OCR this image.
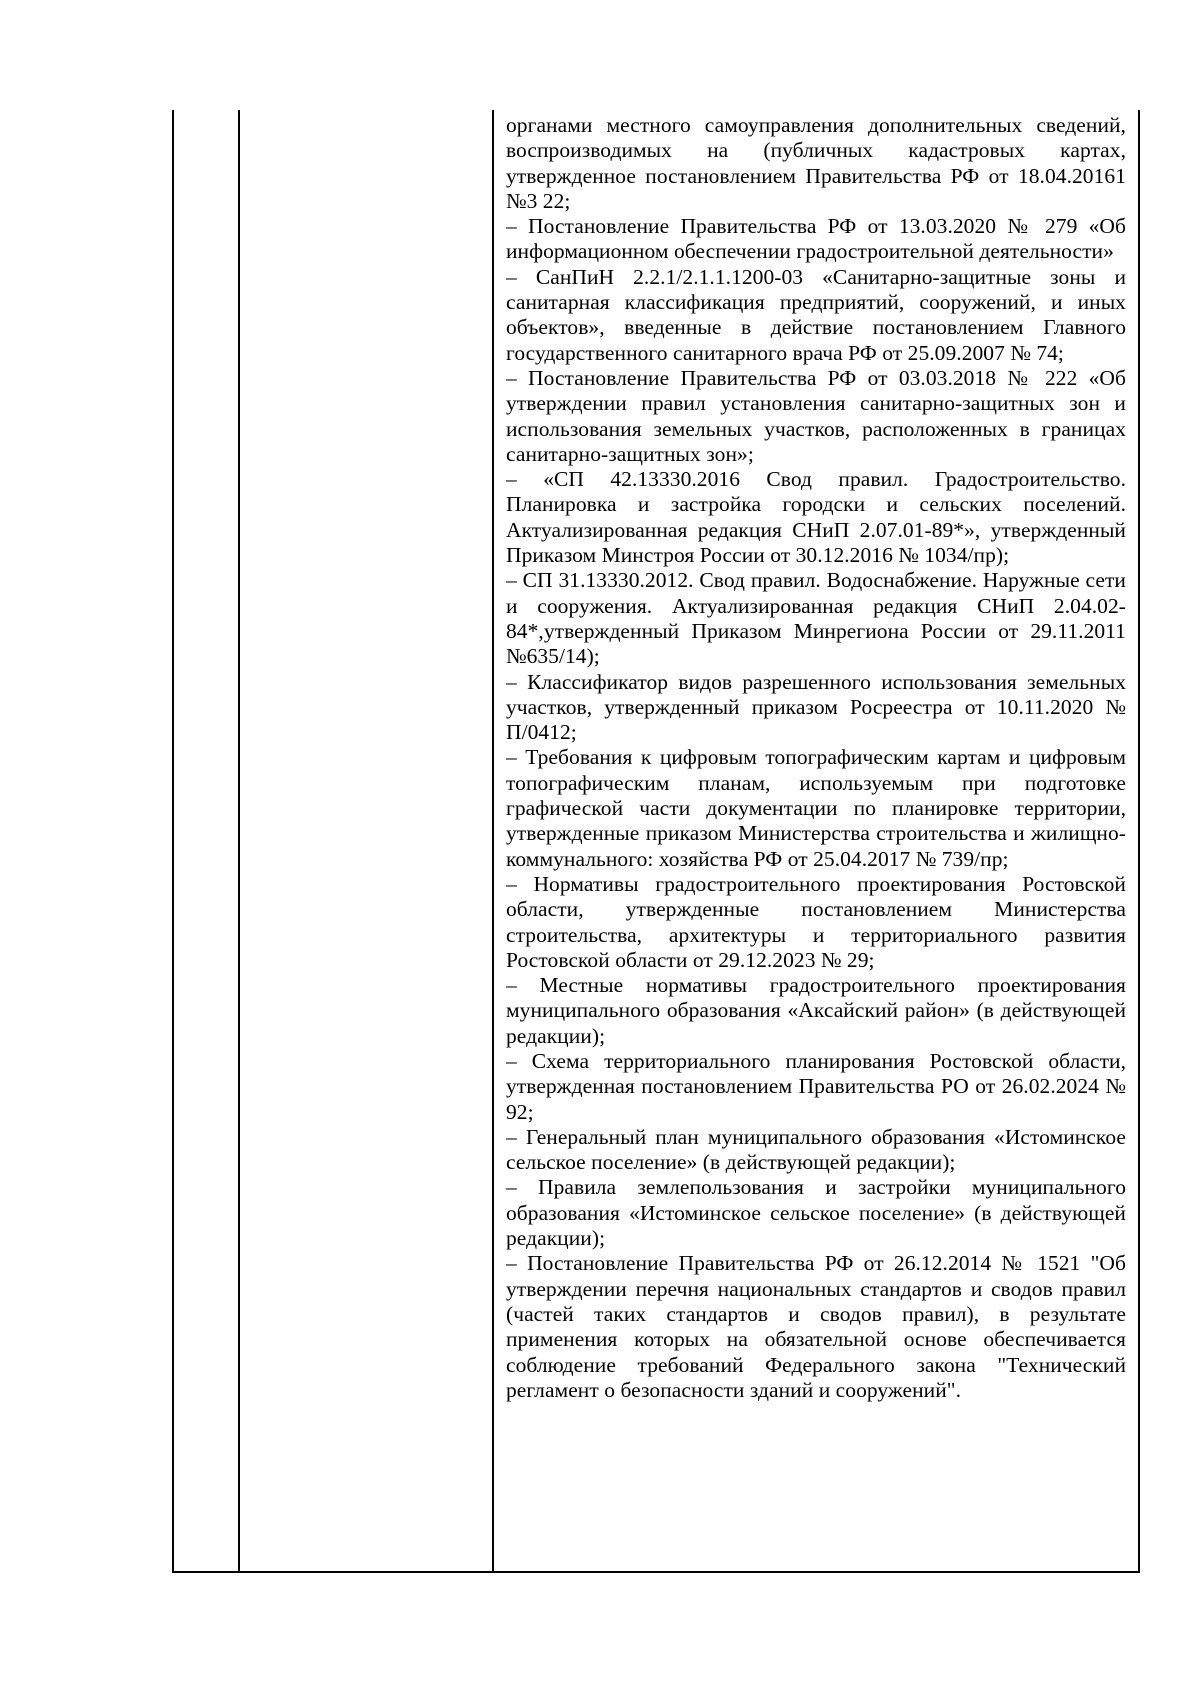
органами местного самоуправления дополнительных сведений, воспроизводимых на (публичных кадастровых картах, утвержденное постановлением Правительства РФ от 18.04.20161 №3 22;

– Постановление Правительства РФ от 13.03.2020 № 279 «Об информационном обеспечении градостроительной деятельности»

– СанПиН 2.2.1/2.1.1.1200-03 «Санитарно-защитные зоны и санитарная классификация предприятий, сооружений, и иных объектов», введенные в действие постановлением Главного государственного санитарного врача РФ от 25.09.2007 № 74;

– Постановление Правительства РФ от 03.03.2018 № 222 «Об утверждении правил установления санитарно-защитных зон и использования земельных участков, расположенных в границах санитарно-защитных зон»;

– «СП 42.13330.2016 Свод правил. Градостроительство. Планировка и застройка городски и сельских поселений. Актуализированная редакция СНиП 2.07.01-89*», утвержденный Приказом Минстроя России от 30.12.2016 № 1034/пр);

– СП 31.13330.2012. Свод правил. Водоснабжение. Наружные сети и сооружения. Актуализированная редакция СНиП 2.04.02-84*,утвержденный Приказом Минрегиона России от 29.11.2011 №635/14);

– Классификатор видов разрешенного использования земельных участков, утвержденный приказом Росреестра от 10.11.2020 № П/0412;

– Требования к цифровым топографическим картам и цифровым топографическим планам, используемым при подготовке графической части документации по планировке территории, утвержденные приказом Министерства строительства и жилищно-коммунального: хозяйства РФ от 25.04.2017 № 739/пр;

– Нормативы градостроительного проектирования Ростовской области, утвержденные постановлением Министерства строительства, архитектуры и территориального развития Ростовской области от 29.12.2023 № 29;

– Местные нормативы градостроительного проектирования муниципального образования «Аксайский район» (в действующей редакции);

– Схема территориального планирования Ростовской области, утвержденная постановлением Правительства РО от 26.02.2024 № 92;

– Генеральный план муниципального образования «Истоминское сельское поселение» (в действующей редакции);

– Правила землепользования и застройки муниципального образования «Истоминское сельское поселение» (в действующей редакции);

– Постановление Правительства РФ от 26.12.2014 № 1521 "Об утверждении перечня национальных стандартов и сводов правил (частей таких стандартов и сводов правил), в результате применения которых на обязательной основе обеспечивается соблюдение требований Федерального закона "Технический регламент о безопасности зданий и сооружений".
